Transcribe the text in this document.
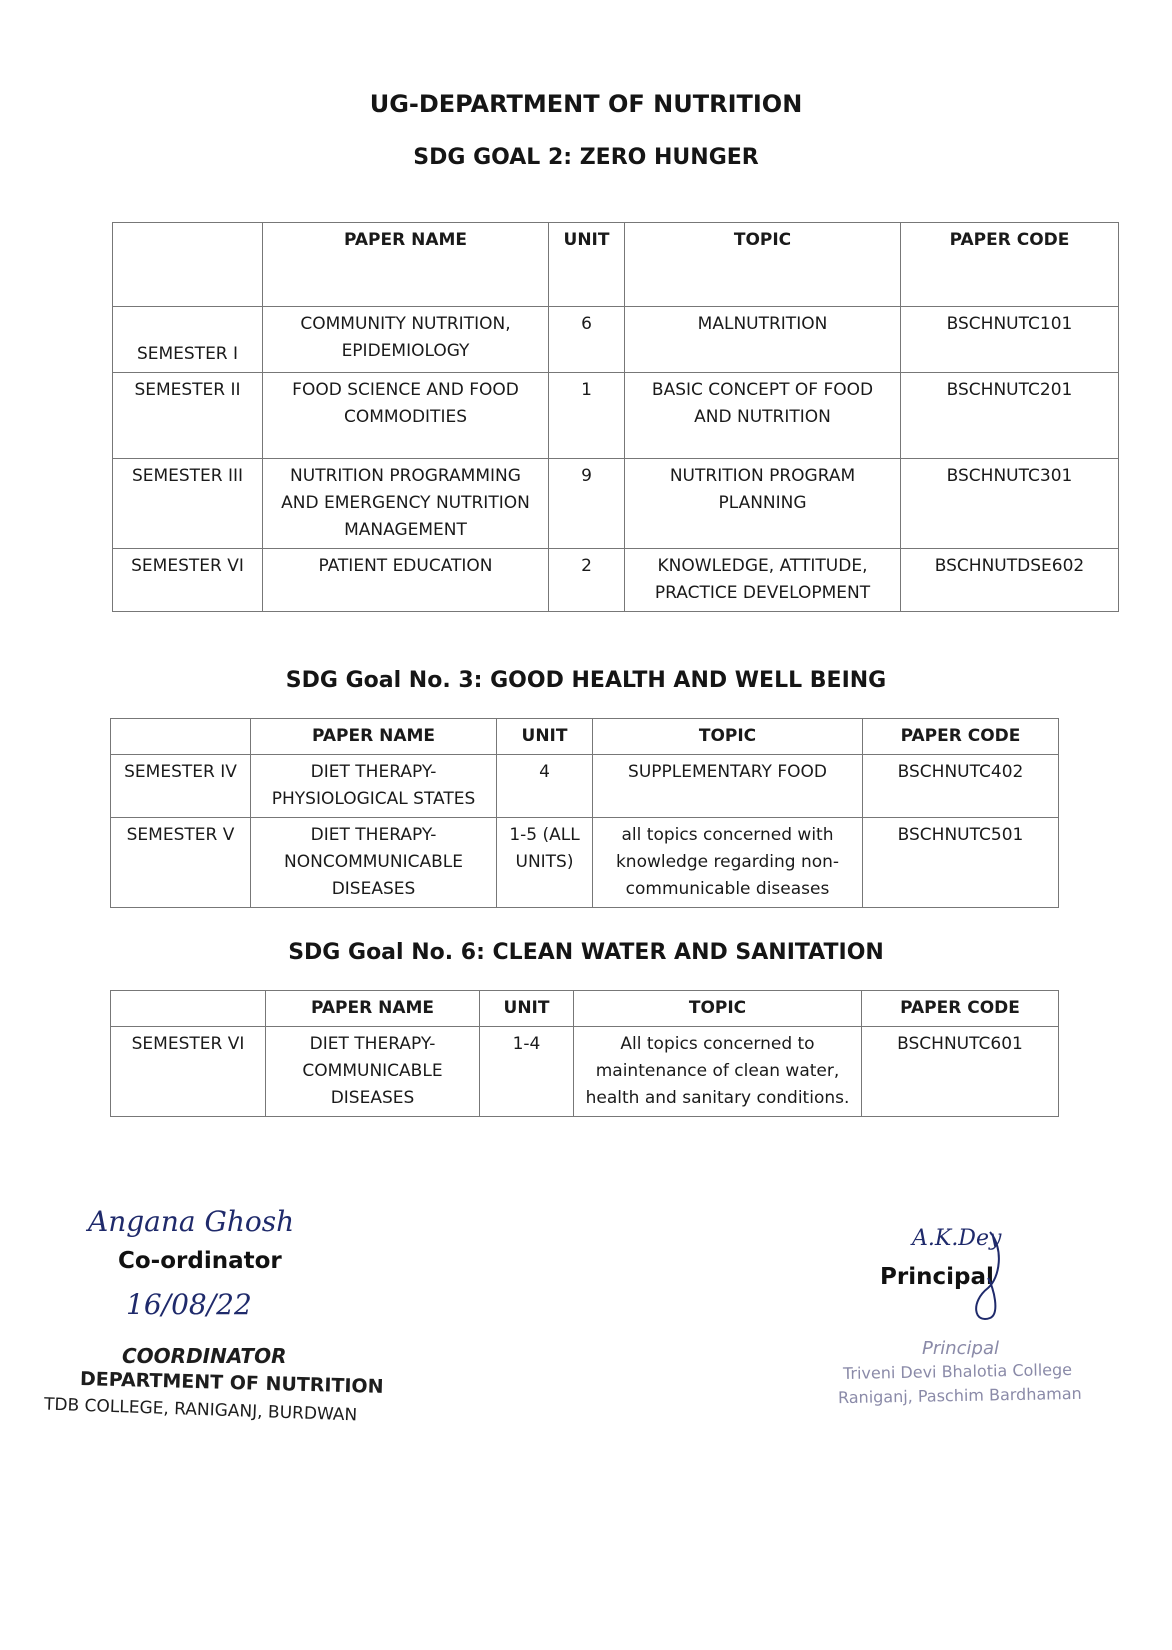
UG-DEPARTMENT OF NUTRITION
SDG GOAL 2: ZERO HUNGER
	PAPER NAME	UNIT	TOPIC	PAPER CODE
SEMESTER I	COMMUNITY NUTRITION, EPIDEMIOLOGY	6	MALNUTRITION	BSCHNUTC101
SEMESTER II	FOOD SCIENCE AND FOOD COMMODITIES	1	BASIC CONCEPT OF FOOD AND NUTRITION	BSCHNUTC201
SEMESTER III	NUTRITION PROGRAMMING AND EMERGENCY NUTRITION MANAGEMENT	9	NUTRITION PROGRAM PLANNING	BSCHNUTC301
SEMESTER VI	PATIENT EDUCATION	2	KNOWLEDGE, ATTITUDE, PRACTICE DEVELOPMENT	BSCHNUTDSE602
SDG Goal No. 3: GOOD HEALTH AND WELL BEING
	PAPER NAME	UNIT	TOPIC	PAPER CODE
SEMESTER IV	DIET THERAPY-PHYSIOLOGICAL STATES	4	SUPPLEMENTARY FOOD	BSCHNUTC402
SEMESTER V	DIET THERAPY-NONCOMMUNICABLE DISEASES	1-5 (ALL UNITS)	all topics concerned with knowledge regarding non-communicable diseases	BSCHNUTC501
SDG Goal No. 6: CLEAN WATER AND SANITATION
	PAPER NAME	UNIT	TOPIC	PAPER CODE
SEMESTER VI	DIET THERAPY-COMMUNICABLE DISEASES	1-4	All topics concerned to maintenance of clean water, health and sanitary conditions.	BSCHNUTC601
Angana Ghosh
Co-ordinator
16/08/22
COORDINATOR
DEPARTMENT OF NUTRITION
TDB COLLEGE, RANIGANJ, BURDWAN
A.K.Dey
Principal
Principal
Triveni Devi Bhalotia College
Raniganj, Paschim Bardhaman
